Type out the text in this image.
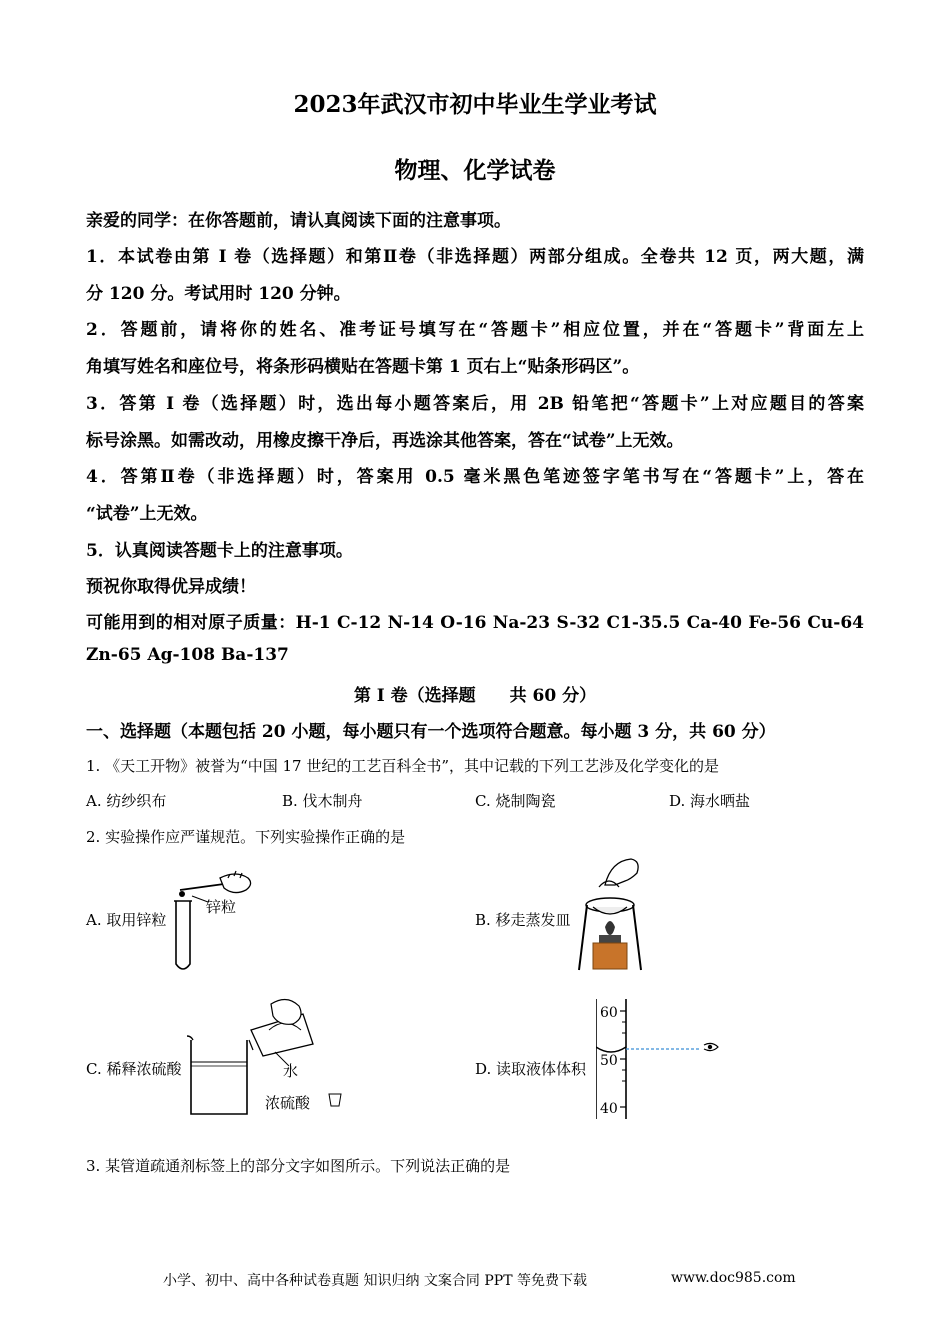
2023年武汉市初中毕业生学业考试
物理、化学试卷
亲爱的同学：在你答题前，请认真阅读下面的注意事项。
1．本试卷由第 I 卷（选择题）和第Ⅱ卷（非选择题）两部分组成。全卷共 12 页，两大题，满
分 120 分。考试用时 120 分钟。
2．答题前，请将你的姓名、准考证号填写在“答题卡”相应位置，并在“答题卡”背面左上
角填写姓名和座位号，将条形码横贴在答题卡第 1 页右上“贴条形码区”。
3．答第 I 卷（选择题）时，选出每小题答案后，用 2B 铅笔把“答题卡”上对应题目的答案
标号涂黑。如需改动，用橡皮擦干净后，再选涂其他答案，答在“试卷”上无效。
4．答第Ⅱ卷（非选择题）时，答案用 0.5 毫米黑色笔迹签字笔书写在“答题卡”上，答在
“试卷”上无效。
5．认真阅读答题卡上的注意事项。
预祝你取得优异成绩！
可能用到的相对原子质量：H-1 C-12 N-14 O-16 Na-23 S-32 C1-35.5 Ca-40 Fe-56 Cu-64
Zn-65 Ag-108 Ba-137
第 I 卷（选择题　　共 60 分）
一、选择题（本题包括 20 小题，每小题只有一个选项符合题意。每小题 3 分，共 60 分）
1. 《天工开物》被誉为“中国 17 世纪的工艺百科全书”，其中记载的下列工艺涉及化学变化的是
A. 纺纱织布	B. 伐木制舟	C. 烧制陶瓷	D. 海水晒盐
2. 实验操作应严谨规范。下列实验操作正确的是
A. 取用锌粒
锌粒
B. 移走蒸发皿
C. 稀释浓硫酸	水
浓硫酸
D. 读取液体体积
60
50
40
3. 某管道疏通剂标签上的部分文字如图所示。下列说法正确的是
小学、初中、高中各种试卷真题 知识归纳 文案合同 PPT 等免费下载	www.doc985.com
